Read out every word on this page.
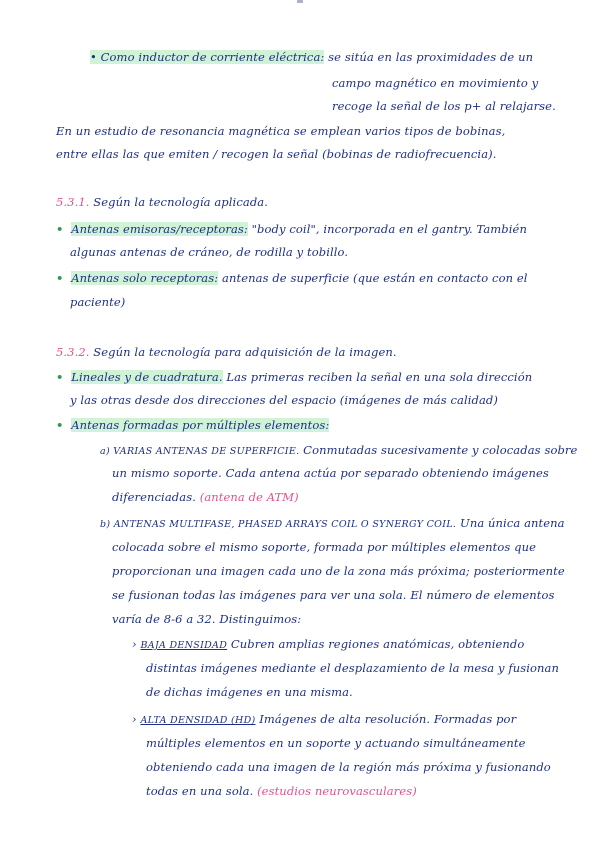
• Como inductor de corriente eléctrica: se sitúa en las proximidades de un
campo magnético en movimiento y
recoge la señal de los p+ al relajarse.
En un estudio de resonancia magnética se emplean varios tipos de bobinas,
entre ellas las que emiten / recogen la señal (bobinas de radiofrecuencia).
5.3.1. Según la tecnología aplicada.
• Antenas emisoras/receptoras: "body coil", incorporada en el gantry. También
algunas antenas de cráneo, de rodilla y tobillo.
• Antenas solo receptoras: antenas de superficie (que están en contacto con el
paciente)
5.3.2. Según la tecnología para adquisición de la imagen.
• Lineales y de cuadratura. Las primeras reciben la señal en una sola dirección
y las otras desde dos direcciones del espacio (imágenes de más calidad)
• Antenas formadas por múltiples elementos:
a) VARIAS ANTENAS DE SUPERFICIE. Conmutadas sucesivamente y colocadas sobre
un mismo soporte. Cada antena actúa por separado obteniendo imágenes
diferenciadas. (antena de ATM)
b) ANTENAS MULTIFASE, PHASED ARRAYS COIL O SYNERGY COIL. Una única antena
colocada sobre el mismo soporte, formada por múltiples elementos que
proporcionan una imagen cada uno de la zona más próxima; posteriormente
se fusionan todas las imágenes para ver una sola. El número de elementos
varía de 8-6 a 32. Distinguimos:
› BAJA DENSIDAD Cubren amplias regiones anatómicas, obteniendo
distintas imágenes mediante el desplazamiento de la mesa y fusionan
de dichas imágenes en una misma.
› ALTA DENSIDAD (HD) Imágenes de alta resolución. Formadas por
múltiples elementos en un soporte y actuando simultáneamente
obteniendo cada una imagen de la región más próxima y fusionando
todas en una sola. (estudios neurovasculares)
